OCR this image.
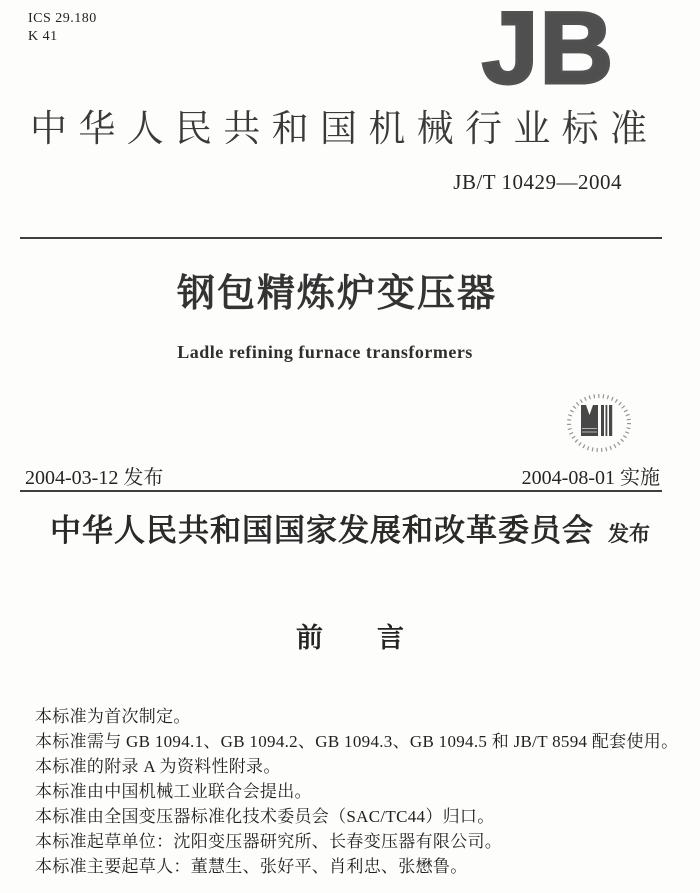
ICS 29.180
K 41	JB
中华人民共和国机械行业标准
JB/T 10429—2004
钢包精炼炉变压器
Ladle refining furnace transformers
2004-03-12 发布	2004-08-01 实施
中华人民共和国国家发展和改革委员会 发布
前　　言
本标准为首次制定。
本标准需与 GB 1094.1、GB 1094.2、GB 1094.3、GB 1094.5 和 JB/T 8594 配套使用。
本标准的附录 A 为资料性附录。
本标准由中国机械工业联合会提出。
本标准由全国变压器标准化技术委员会（SAC/TC44）归口。
本标准起草单位：沈阳变压器研究所、长春变压器有限公司。
本标准主要起草人：董慧生、张好平、肖利忠、张懋鲁。
